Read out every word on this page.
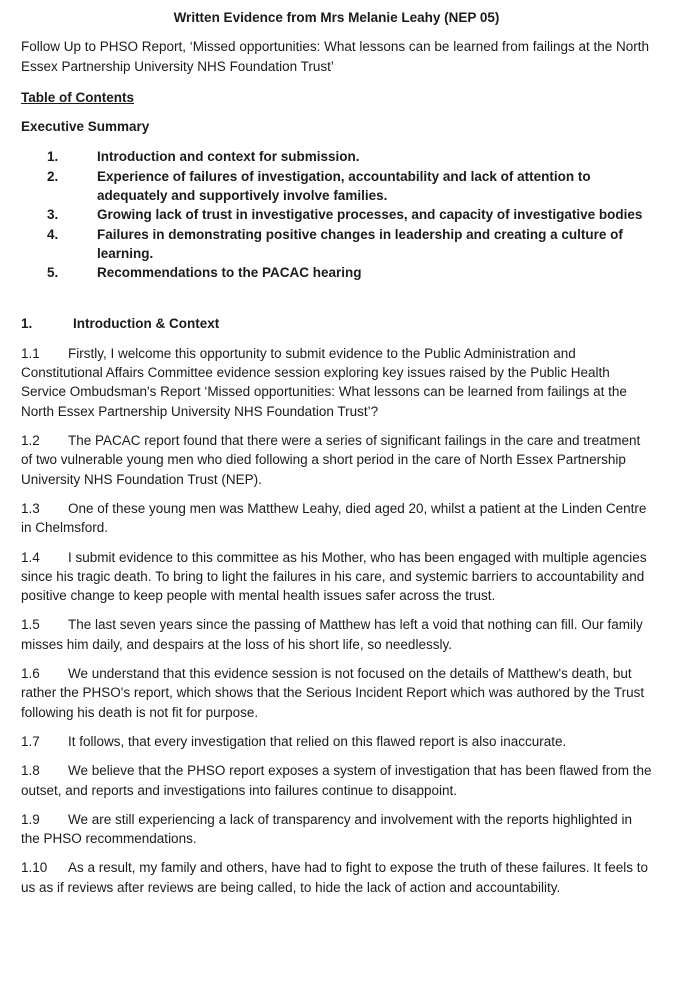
Written Evidence from Mrs Melanie Leahy (NEP 05)

Follow Up to PHSO Report, ‘Missed opportunities: What lessons can be learned from failings at the North Essex Partnership University NHS Foundation Trust’

Table of Contents
Executive Summary
1.	Introduction and context for submission.
2.	Experience of failures of investigation, accountability and lack of attention to adequately and supportively involve families.
3.	Growing lack of trust in investigative processes, and capacity of investigative bodies
4.	Failures in demonstrating positive changes in leadership and creating a culture of learning.
5.	Recommendations to the PACAC hearing
1.	Introduction & Context

1.1 Firstly, I welcome this opportunity to submit evidence to the Public Administration and Constitutional Affairs Committee evidence session exploring key issues raised by the Public Health Service Ombudsman's Report ‘Missed opportunities: What lessons can be learned from failings at the North Essex Partnership University NHS Foundation Trust’?

1.2 The PACAC report found that there were a series of significant failings in the care and treatment of two vulnerable young men who died following a short period in the care of North Essex Partnership University NHS Foundation Trust (NEP).

1.3 One of these young men was Matthew Leahy, died aged 20, whilst a patient at the Linden Centre in Chelmsford.

1.4 I submit evidence to this committee as his Mother, who has been engaged with multiple agencies since his tragic death. To bring to light the failures in his care, and systemic barriers to accountability and positive change to keep people with mental health issues safer across the trust.

1.5 The last seven years since the passing of Matthew has left a void that nothing can fill. Our family misses him daily, and despairs at the loss of his short life, so needlessly.

1.6 We understand that this evidence session is not focused on the details of Matthew's death, but rather the PHSO's report, which shows that the Serious Incident Report which was authored by the Trust following his death is not fit for purpose.

1.7 It follows, that every investigation that relied on this flawed report is also inaccurate.

1.8 We believe that the PHSO report exposes a system of investigation that has been flawed from the outset, and reports and investigations into failures continue to disappoint.

1.9 We are still experiencing a lack of transparency and involvement with the reports highlighted in the PHSO recommendations.

1.10 As a result, my family and others, have had to fight to expose the truth of these failures. It feels to us as if reviews after reviews are being called, to hide the lack of action and accountability.
